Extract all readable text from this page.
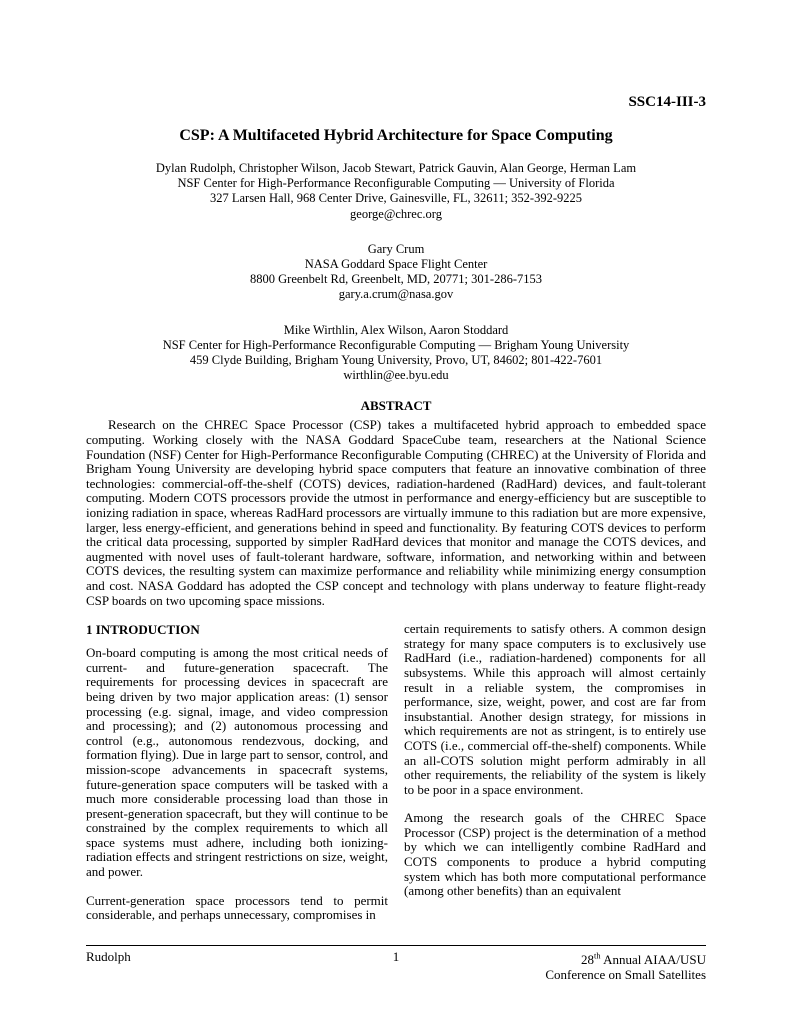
SSC14-III-3
CSP: A Multifaceted Hybrid Architecture for Space Computing
Dylan Rudolph, Christopher Wilson, Jacob Stewart, Patrick Gauvin, Alan George, Herman Lam
NSF Center for High-Performance Reconfigurable Computing — University of Florida
327 Larsen Hall, 968 Center Drive, Gainesville, FL, 32611; 352-392-9225
george@chrec.org
Gary Crum
NASA Goddard Space Flight Center
8800 Greenbelt Rd, Greenbelt, MD, 20771; 301-286-7153
gary.a.crum@nasa.gov
Mike Wirthlin, Alex Wilson, Aaron Stoddard
NSF Center for High-Performance Reconfigurable Computing — Brigham Young University
459 Clyde Building, Brigham Young University, Provo, UT, 84602; 801-422-7601
wirthlin@ee.byu.edu
ABSTRACT

Research on the CHREC Space Processor (CSP) takes a multifaceted hybrid approach to embedded space computing. Working closely with the NASA Goddard SpaceCube team, researchers at the National Science Foundation (NSF) Center for High-Performance Reconfigurable Computing (CHREC) at the University of Florida and Brigham Young University are developing hybrid space computers that feature an innovative combination of three technologies: commercial-off-the-shelf (COTS) devices, radiation-hardened (RadHard) devices, and fault-tolerant computing. Modern COTS processors provide the utmost in performance and energy-efficiency but are susceptible to ionizing radiation in space, whereas RadHard processors are virtually immune to this radiation but are more expensive, larger, less energy-efficient, and generations behind in speed and functionality. By featuring COTS devices to perform the critical data processing, supported by simpler RadHard devices that monitor and manage the COTS devices, and augmented with novel uses of fault-tolerant hardware, software, information, and networking within and between COTS devices, the resulting system can maximize performance and reliability while minimizing energy consumption and cost. NASA Goddard has adopted the CSP concept and technology with plans underway to feature flight-ready CSP boards on two upcoming space missions.

1 INTRODUCTION

On-board computing is among the most critical needs of current- and future-generation spacecraft. The requirements for processing devices in spacecraft are being driven by two major application areas: (1) sensor processing (e.g. signal, image, and video compression and processing); and (2) autonomous processing and control (e.g., autonomous rendezvous, docking, and formation flying). Due in large part to sensor, control, and mission-scope advancements in spacecraft systems, future-generation space computers will be tasked with a much more considerable processing load than those in present-generation spacecraft, but they will continue to be constrained by the complex requirements to which all space systems must adhere, including both ionizing-radiation effects and stringent restrictions on size, weight, and power.

Current-generation space processors tend to permit considerable, and perhaps unnecessary, compromises in

certain requirements to satisfy others. A common design strategy for many space computers is to exclusively use RadHard (i.e., radiation-hardened) components for all subsystems. While this approach will almost certainly result in a reliable system, the compromises in performance, size, weight, power, and cost are far from insubstantial. Another design strategy, for missions in which requirements are not as stringent, is to entirely use COTS (i.e., commercial off-the-shelf) components. While an all-COTS solution might perform admirably in all other requirements, the reliability of the system is likely to be poor in a space environment.

Among the research goals of the CHREC Space Processor (CSP) project is the determination of a method by which we can intelligently combine RadHard and COTS components to produce a hybrid computing system which has both more computational performance (among other benefits) than an equivalent

Rudolph	1	28th Annual AIAA/USU
Conference on Small Satellites
